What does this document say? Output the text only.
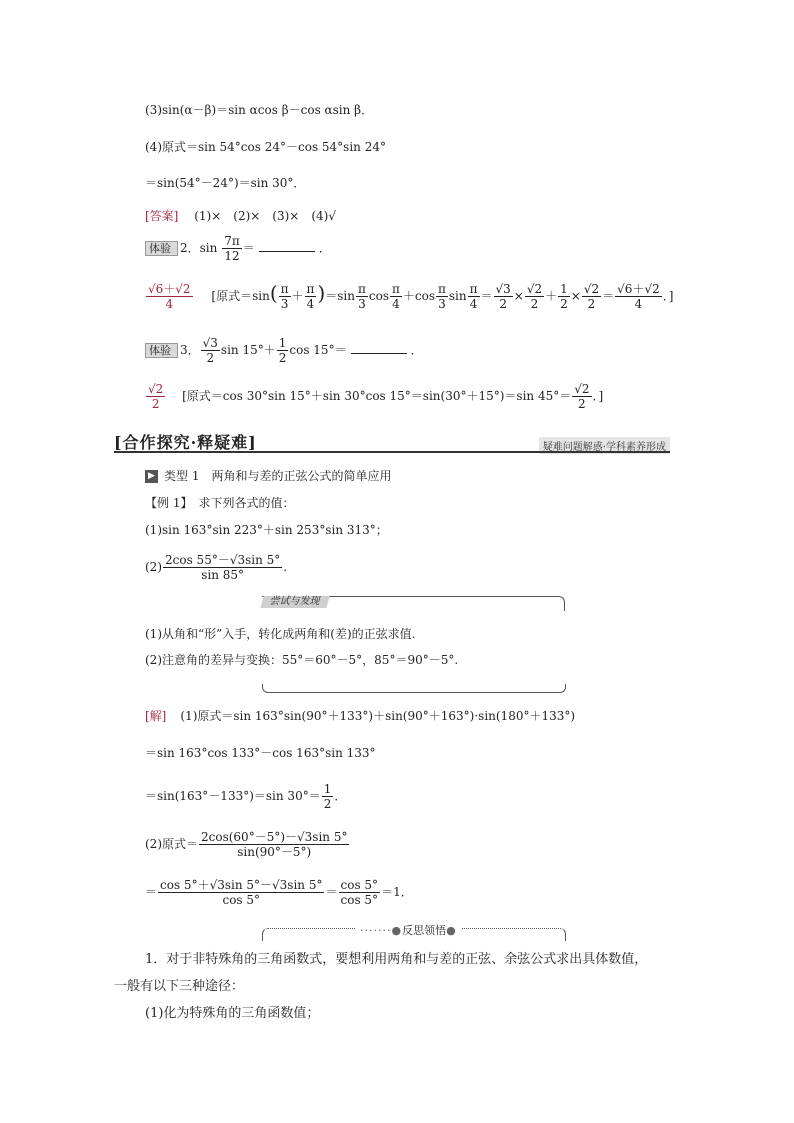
(3)sin(α－β)＝sin αcos β－cos αsin β．
(4)原式＝sin 54°cos 24°－cos 54°sin 24°
＝sin(54°－24°)＝sin 30°．
[答案] (1)×　(2)×　(3)×　(4)√
体验 2．$\sin \frac{7\pi}{12}$ ＝	．
$\frac{√6+√2}{4}$ [原式$=\sin( \frac{\pi}{3} + \frac{\pi}{4} )=\sin \frac{\pi}{3}$ $\cos \frac{\pi}{4} +\cos \frac{\pi}{3}$ $\sin \frac{\pi}{4} = \frac{√3}{2} \times \frac{√2}{2} + \frac{1}{2} \times \frac{√2}{2} = \frac{√6+√2}{4}$ ．]
体验 3． $\frac{√3}{2}$ $\sin 15^\circ+ \frac{1}{2}$ cos 15°＝	．
$\frac{√2}{2}$ [原式＝cos 30°sin 15°＋sin 30°cos 15°＝sin(30°＋15°)＝sin $45^\circ= \frac{√2}{2}$ ．]
[合作探究·释疑难]	疑难问题解惑·学科素养形成
▶ 类型 1　两角和与差的正弦公式的简单应用
【例 1】　求下列各式的值：
(1)sin 163°sin 223°＋sin 253°sin 313°；
$(2) \frac{2\cos 55^\circ-√3\sin 5^\circ}{\sin 85^\circ}$ .
尝试与发现
(1)从角和“形”入手，转化成两角和(差)的正弦求值.
(2)注意角的差异与变换：55°＝60°－5°，85°＝90°－5°.
[解] (1)原式＝sin 163°sin(90°＋133°)＋sin(90°＋163°)·sin(180°＋133°)
＝sin 163°cos 133°－cos 163°sin 133°
＝sin(163°－133°)＝sin $30^\circ= \frac{1}{2}$ ．
(2)原式＝ $\frac{2\cos(60^\circ-5^\circ)-√3\sin 5^\circ}{\sin(90^\circ-5^\circ)}$
＝ $\frac{\cos 5^\circ+√3\sin 5^\circ-√3\sin 5^\circ}{\cos 5^\circ} = \frac{\cos 5^\circ}{\cos 5^\circ} =1$．
·······●反思领悟●
1．对于非特殊角的三角函数式，要想利用两角和与差的正弦、余弦公式求出具体数值，
一般有以下三种途径：
(1)化为特殊角的三角函数值；
